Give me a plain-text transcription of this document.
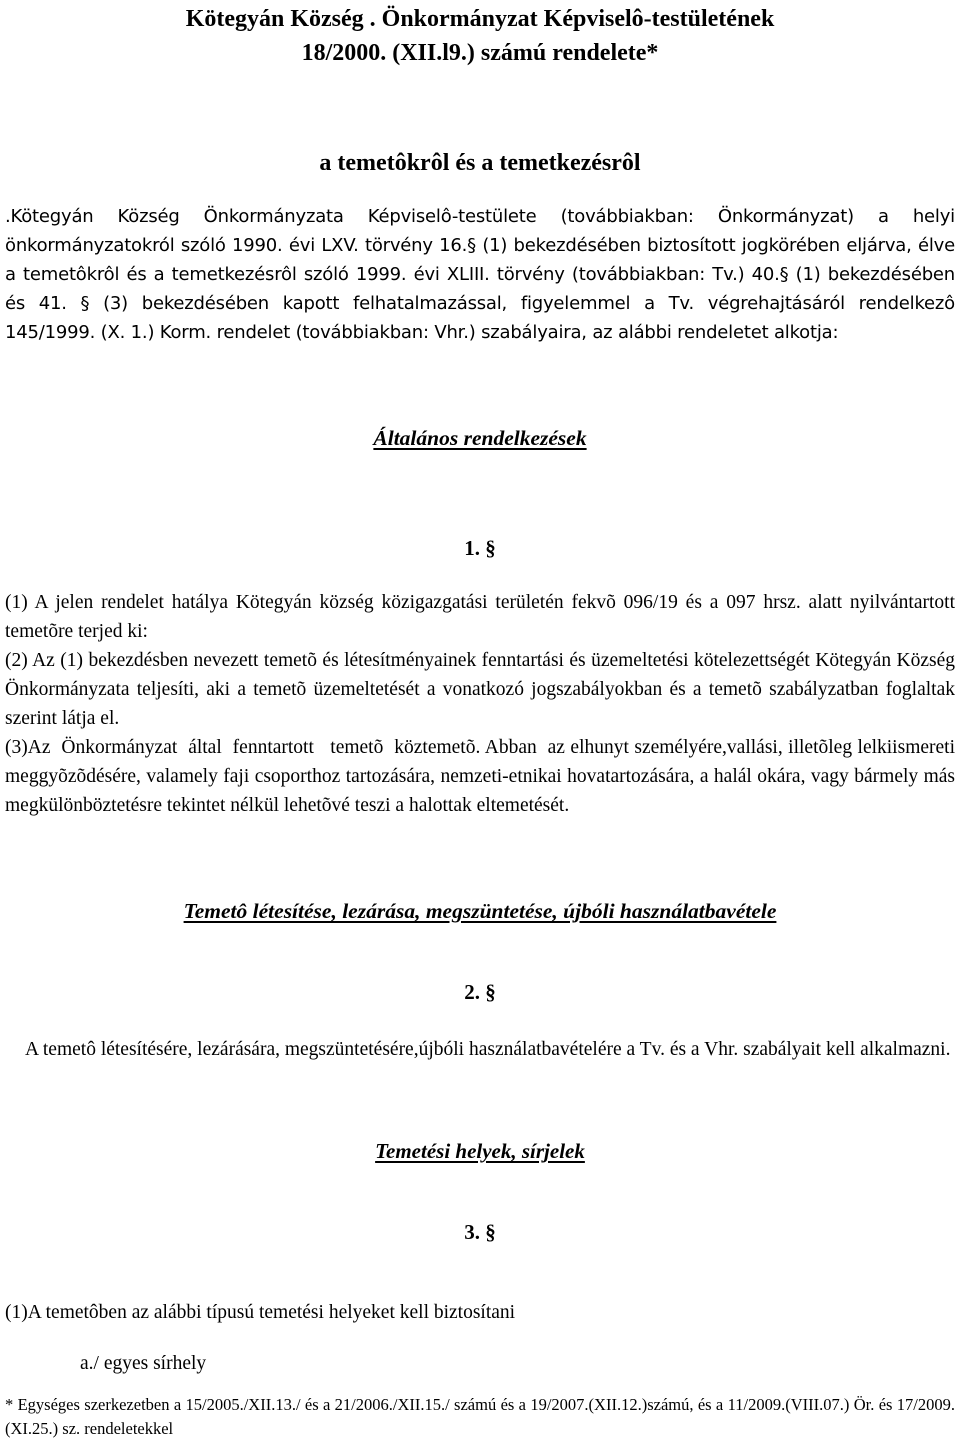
Kötegyán Község . Önkormányzat Képviselô-testületének
18/2000. (XII.l9.) számú rendelete*
a temetôkrôl és a temetkezésrôl
.Kötegyán Község Önkormányzata Képviselô-testülete (továbbiakban: Önkormányzat) a helyi önkormányzatokról szóló 1990. évi LXV. törvény 16.§ (1) bekezdésében biztosított jogkörében eljárva, élve a temetôkrôl és a temetkezésrôl szóló 1999. évi XLIII. törvény (továbbiakban: Tv.) 40.§ (1) bekezdésében és 41. § (3) bekezdésében kapott felhatalmazással, figyelemmel a Tv. végrehajtásáról rendelkezô 145/1999. (X. 1.) Korm. rendelet (továbbiakban: Vhr.) szabályaira, az alábbi rendeletet alkotja:
Általános rendelkezések
1. §
(1) A jelen rendelet hatálya Kötegyán község közigazgatási területén fekvõ 096/19 és a 097 hrsz. alatt nyilvántartott temetõre terjed ki:
(2) Az (1) bekezdésben nevezett temetõ és létesítményainek fenntartási és üzemeltetési kötelezettségét Kötegyán Község Önkormányzata teljesíti, aki a temetõ üzemeltetését a vonatkozó jogszabályokban és a temetõ szabályzatban foglaltak szerint látja el.
(3)Az  Önkormányzat  által  fenntartott   temetõ  köztemetõ. Abban  az elhunyt személyére,vallási, illetõleg lelkiismereti meggyõzõdésére, valamely faji csoporthoz tartozására, nemzeti-etnikai hovatartozására, a halál okára, vagy bármely más megkülönböztetésre tekintet nélkül lehetõvé teszi a halottak eltemetését.
Temetô létesítése, lezárása, megszüntetése, újbóli használatbavétele
2. §
A temetô létesítésére, lezárására, megszüntetésére,újbóli használatbavételére a Tv. és a Vhr. szabályait kell alkalmazni.
Temetési helyek, sírjelek
3. §
(1)A temetôben az alábbi típusú temetési helyeket kell biztosítani
a./ egyes sírhely
* Egységes szerkezetben a 15/2005./XII.13./ és a 21/2006./XII.15./ számú és a 19/2007.(XII.12.)számú, és a 11/2009.(VIII.07.) Ör. és 17/2009.(XI.25.) sz. rendeletekkel
